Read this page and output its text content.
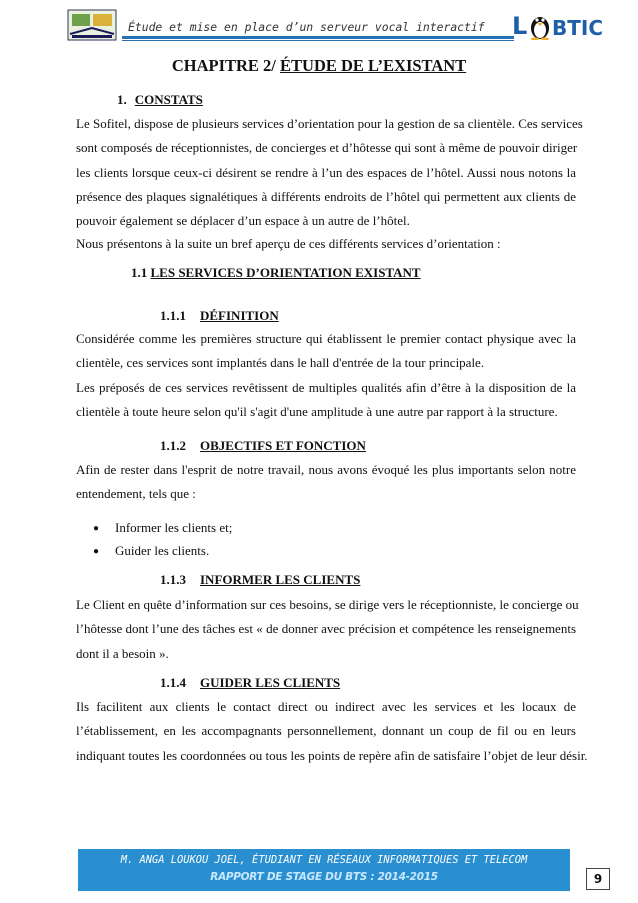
Étude et mise en place d’un serveur vocal interactif L BTIC
CHAPITRE 2/ ÉTUDE DE L’EXISTANT
1. CONSTATS
Le Sofitel, dispose de plusieurs services d’orientation pour la gestion de sa clientèle. Ces services
sont composés de réceptionnistes, de concierges et d’hôtesse qui sont à même de pouvoir diriger
les clients lorsque ceux-ci désirent se rendre à l’un des espaces de l’hôtel. Aussi nous notons la
présence des plaques signalétiques à différents endroits de l’hôtel qui permettent aux clients de
pouvoir également se déplacer d’un espace à un autre de l’hôtel.
Nous présentons à la suite un bref aperçu de ces différents services d’orientation :
1.1 LES SERVICES D’ORIENTATION EXISTANT
1.1.1 DÉFINITION
Considérée comme les premières structure qui établissent le premier contact physique avec la
clientèle, ces services sont implantés dans le hall d'entrée de la tour principale.
Les préposés de ces services revêtissent de multiples qualités afin d’être à la disposition de la
clientèle à toute heure selon qu'il s'agit d'une amplitude à une autre par rapport à la structure.
1.1.2 OBJECTIFS ET FONCTION
Afin de rester dans l'esprit de notre travail, nous avons évoqué les plus importants selon notre
entendement, tels que :
● Informer les clients et;
● Guider les clients.
1.1.3 INFORMER LES CLIENTS
Le Client en quête d’information sur ces besoins, se dirige vers le réceptionniste, le concierge ou
l’hôtesse dont l’une des tâches est « de donner avec précision et compétence les renseignements
dont il a besoin ».
1.1.4 GUIDER LES CLIENTS
Ils facilitent aux clients le contact direct ou indirect avec les services et les locaux de
l’établissement, en les accompagnants personnellement, donnant un coup de fil ou en leurs
indiquant toutes les coordonnées ou tous les points de repère afin de satisfaire l’objet de leur désir.
M. ANGA LOUKOU JOEL, ÉTUDIANT EN RÉSEAUX INFORMATIQUES ET TELECOM
RAPPORT DE STAGE DU BTS : 2014-2015	9
